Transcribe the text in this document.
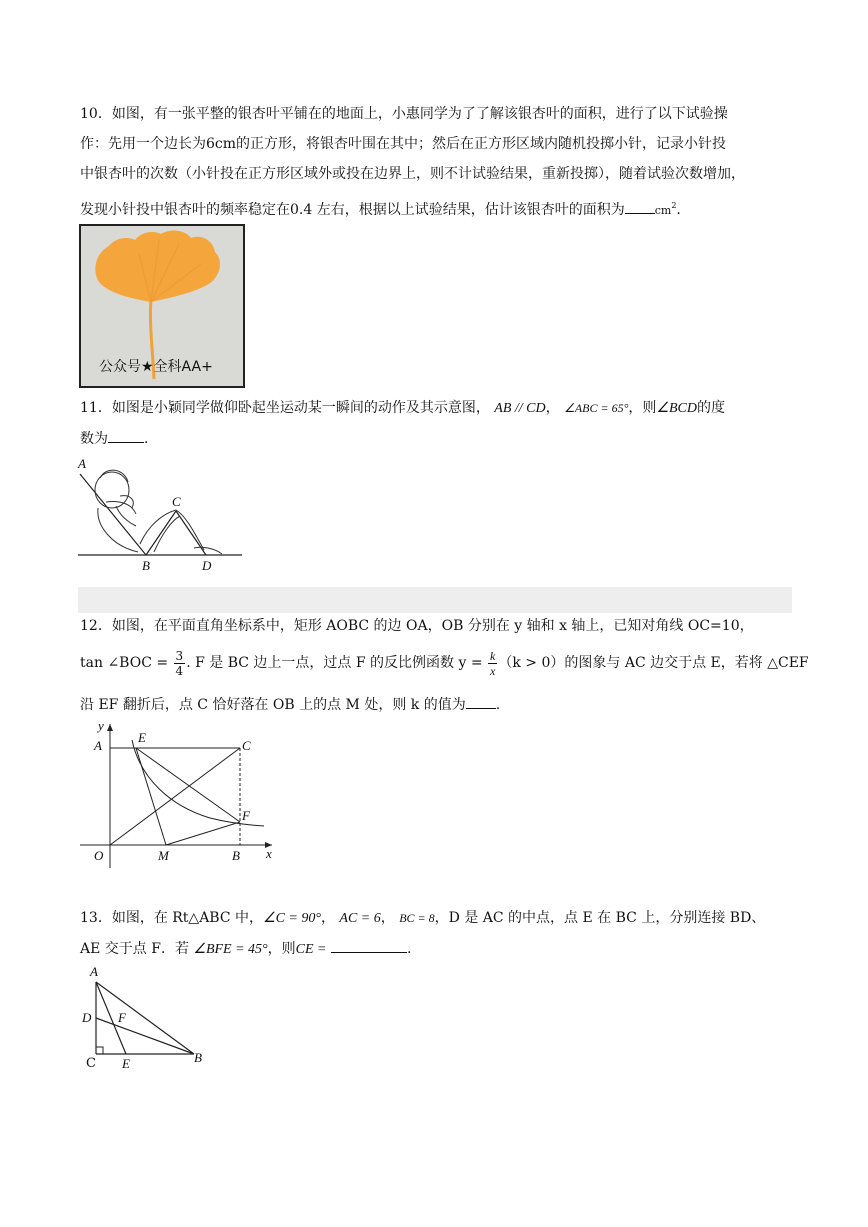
10．如图，有一张平整的银杏叶平铺在的地面上，小惠同学为了了解该银杏叶的面积，进行了以下试验操
作：先用一个边长为6cm的正方形，将银杏叶围在其中；然后在正方形区域内随机投掷小针，记录小针投
中银杏叶的次数（小针投在正方形区域外或投在边界上，则不计试验结果，重新投掷），随着试验次数增加，
发现小针投中银杏叶的频率稳定在0.4 左右，根据以上试验结果，估计该银杏叶的面积为	$cm^2$.
公众号★全科AA+
11．如图是小颖同学做仰卧起坐运动某一瞬间的动作及其示意图， AB // CD， ∠ABC = 65°，则∠BCD的度
数为	.
A
B
C
D
12．如图，在平面直角坐标系中，矩形 AOBC 的边 OA，OB 分别在 y 轴和 x 轴上，已知对角线 OC=10，
tan ∠BOC = $\frac{3}{4}$ . F 是 BC 边上一点，过点 F 的反比例函数 $y = \frac{k}{x} (k > 0)$的图象与 AC 边交于点 E，若将 △CEF
沿 EF 翻折后，点 C 恰好落在 OB 上的点 M 处，则 k 的值为 .
y
x
A
E
C
F
O	M	B
13．如图，在 Rt△ABC 中，∠C = 90°， AC = 6， BC = 8，D 是 AC 的中点，点 E 在 BC 上，分别连接 BD、
AE 交于点 F．若 ∠BFE = 45°，则CE =	.
A
D F
C E	B
